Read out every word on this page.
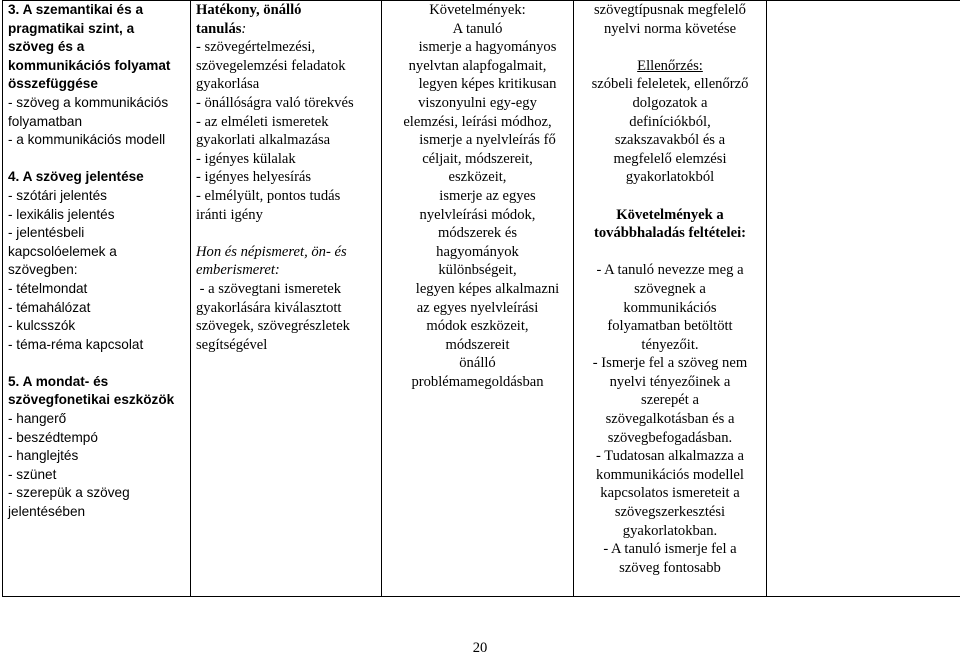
3. A szemantikai és a
pragmatikai szint, a
szöveg és a
kommunikációs folyamat
összefüggése
- szöveg a kommunikációs
folyamatban
- a kommunikációs modell
4. A szöveg jelentése
- szótári jelentés
- lexikális jelentés
- jelentésbeli
kapcsolóelemek a
szövegben:
- tételmondat
- témahálózat
- kulcsszók
- téma-réma kapcsolat
5. A mondat- és
szövegfonetikai eszközök
- hangerő
- beszédtempó
- hanglejtés
- szünet
- szerepük a szöveg
jelentésében

Hatékony, önálló
tanulás:
- szövegértelmezési,
szövegelemzési feladatok
gyakorlása
- önállóságra való törekvés
- az elméleti ismeretek
gyakorlati alkalmazása
- igényes külalak
- igényes helyesírás
- elmélyült, pontos tudás
iránti igény
Hon és népismeret, ön- és
emberismeret:
- a szövegtani ismeretek
gyakorlására kiválasztott
szövegek, szövegrészletek
segítségével

Követelmények:
A tanuló
ismerje a hagyományos
nyelvtan alapfogalmait,
legyen képes kritikusan
viszonyulni egy-egy
elemzési, leírási módhoz,
ismerje a nyelvleírás fő
céljait, módszereit,
eszközeit,
ismerje az egyes
nyelvleírási módok,
módszerek és
hagyományok
különbségeit,
legyen képes alkalmazni
az egyes nyelvleírási
módok eszközeit,
módszereit
önálló
problémamegoldásban

szövegtípusnak megfelelő
nyelvi norma követése
Ellenőrzés:
szóbeli feleletek, ellenőrző
dolgozatok a
definíciókból,
szakszavakból és a
megfelelő elemzési
gyakorlatokból
Követelmények a
továbbhaladás feltételei:
- A tanuló nevezze meg a
szövegnek a
kommunikációs
folyamatban betöltött
tényezőit.
- Ismerje fel a szöveg nem
nyelvi tényezőinek a
szerepét a
szövegalkotásban és a
szövegbefogadásban.
- Tudatosan alkalmazza a
kommunikációs modellel
kapcsolatos ismereteit a
szövegszerkesztési
gyakorlatokban.
- A tanuló ismerje fel a
szöveg fontosabb

20
